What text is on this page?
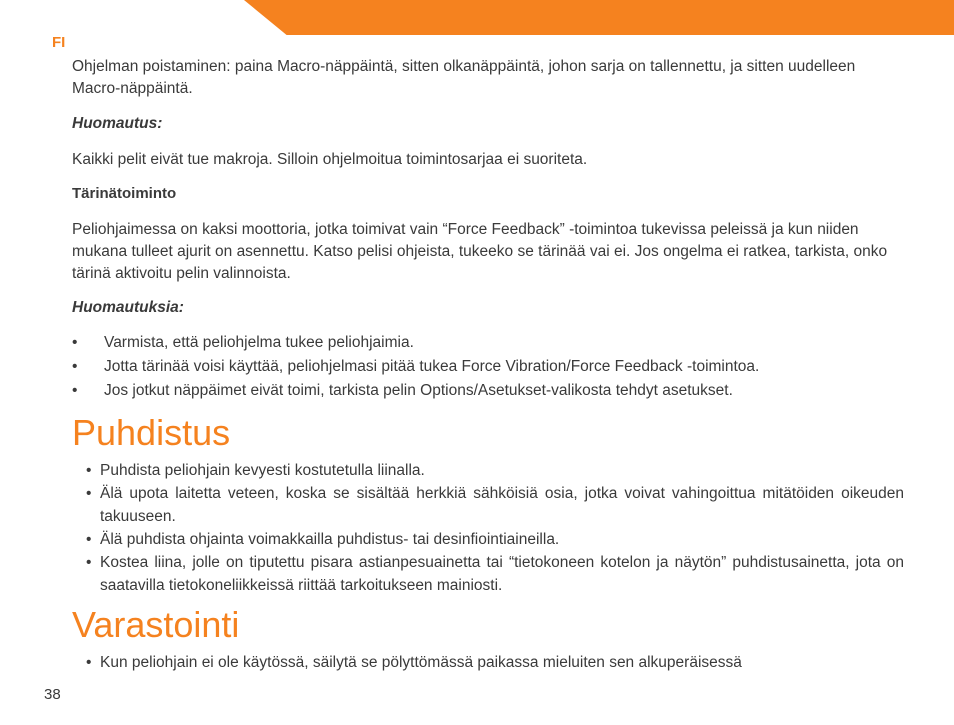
FI

Ohjelman poistaminen: paina Macro-näppäintä, sitten olkanäppäintä, johon sarja on tallennettu, ja sitten uudelleen Macro-näppäintä.

Huomautus:

Kaikki pelit eivät tue makroja. Silloin ohjelmoitua toimintosarjaa ei suoriteta.

Tärinätoiminto

Peliohjaimessa on kaksi moottoria, jotka toimivat vain “Force Feedback” -toimintoa tukevissa peleissä ja kun niiden mukana tulleet ajurit on asennettu. Katso pelisi ohjeista, tukeeko se tärinää vai ei. Jos ongelma ei ratkea, tarkista, onko tärinä aktivoitu pelin valinnoista.

Huomautuksia:

• Varmista, että peliohjelma tukee peliohjaimia.
• Jotta tärinää voisi käyttää, peliohjelmasi pitää tukea Force Vibration/Force Feedback -toimintoa.
• Jos jotkut näppäimet eivät toimi, tarkista pelin Options/Asetukset-valikosta tehdyt asetukset.
Puhdistus
• Puhdista peliohjain kevyesti kostutetulla liinalla.
• Älä upota laitetta veteen, koska se sisältää herkkiä sähköisiä osia, jotka voivat vahingoittua mitätöiden oikeuden takuuseen.
• Älä puhdista ohjainta voimakkailla puhdistus- tai desinfiointiaineilla.
• Kostea liina, jolle on tiputettu pisara astianpesuainetta tai “tietokoneen kotelon ja näytön” puhdistusainetta, jota on saatavilla tietokoneliikkeissä riittää tarkoitukseen mainiosti.
Varastointi
• Kun peliohjain ei ole käytössä, säilytä se pölyttömässä paikassa mieluiten sen alkuperäisessä
38
